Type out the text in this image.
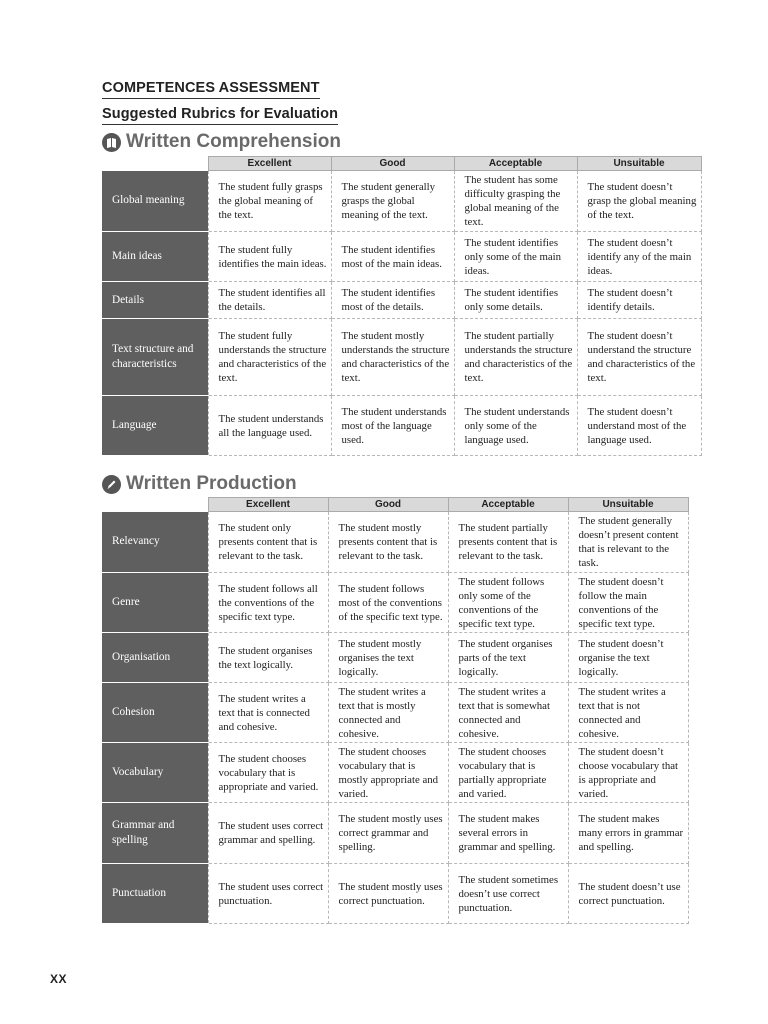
COMPETENCES ASSESSMENT
Suggested Rubrics for Evaluation
Written Comprehension
	Excellent	Good	Acceptable	Unsuitable
Global meaning	The student fully grasps the global meaning of the text.	The student generally grasps the global meaning of the text.	The student has some difficulty grasping the global meaning of the text.	The student doesn’t grasp the global meaning of the text.
Main ideas	The student fully identifies the main ideas.	The student identifies most of the main ideas.	The student identifies only some of the main ideas.	The student doesn’t identify any of the main ideas.
Details	The student identifies all the details.	The student identifies most of the details.	The student identifies only some details.	The student doesn’t identify details.
Text structure and characteristics	The student fully understands the structure and characteristics of the text.	The student mostly understands the structure and characteristics of the text.	The student partially understands the structure and characteristics of the text.	The student doesn’t understand the structure and characteristics of the text.
Language	The student understands all the language used.	The student understands most of the language used.	The student understands only some of the language used.	The student doesn’t understand most of the language used.
Written Production
	Excellent	Good	Acceptable	Unsuitable
Relevancy	The student only presents content that is relevant to the task.	The student mostly presents content that is relevant to the task.	The student partially presents content that is relevant to the task.	The student generally doesn’t present content that is relevant to the task.
Genre	The student follows all the conventions of the specific text type.	The student follows most of the conventions of the specific text type.	The student follows only some of the conventions of the specific text type.	The student doesn’t follow the main conventions of the specific text type.
Organisation	The student organises the text logically.	The student mostly organises the text logically.	The student organises parts of the text logically.	The student doesn’t organise the text logically.
Cohesion	The student writes a text that is connected and cohesive.	The student writes a text that is mostly connected and cohesive.	The student writes a text that is somewhat connected and cohesive.	The student writes a text that is not connected and cohesive.
Vocabulary	The student chooses vocabulary that is appropriate and varied.	The student chooses vocabulary that is mostly appropriate and varied.	The student chooses vocabulary that is partially appropriate and varied.	The student doesn’t choose vocabulary that is appropriate and varied.
Grammar and spelling	The student uses correct grammar and spelling.	The student mostly uses correct grammar and spelling.	The student makes several errors in grammar and spelling.	The student makes many errors in grammar and spelling.
Punctuation	The student uses correct punctuation.	The student mostly uses correct punctuation.	The student sometimes doesn’t use correct punctuation.	The student doesn’t use correct punctuation.
XX
